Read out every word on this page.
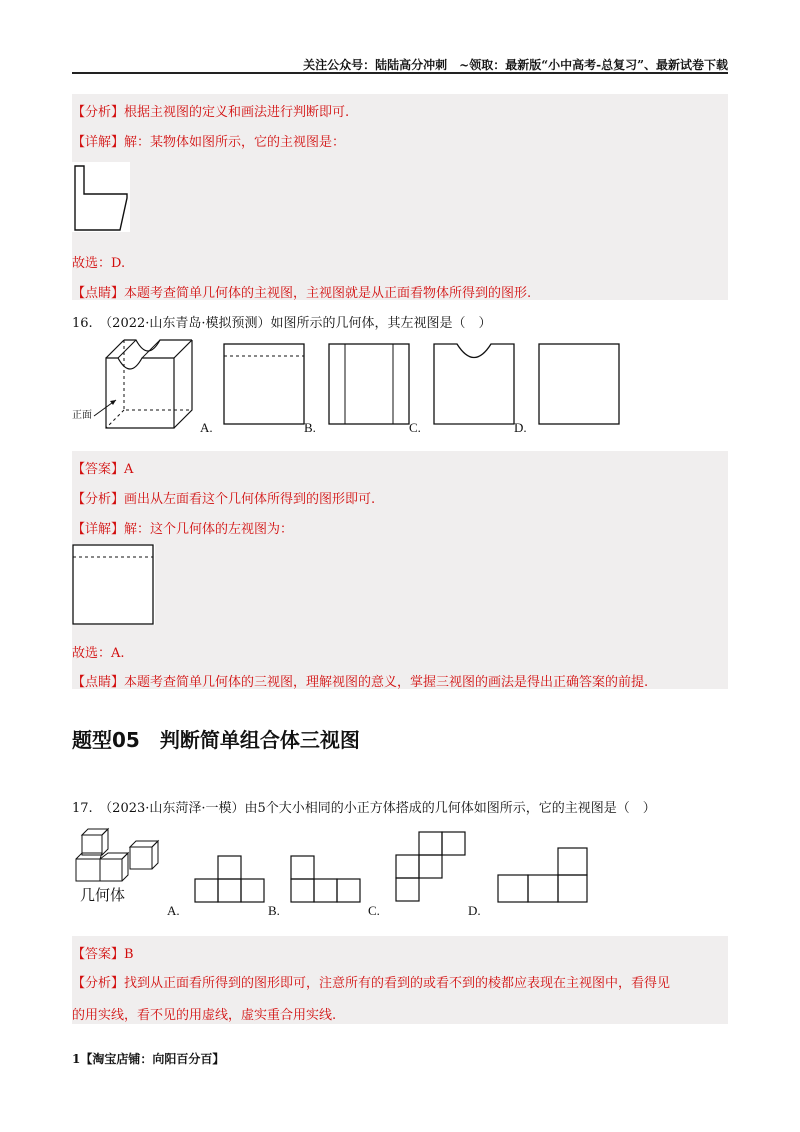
关注公众号：陆陆高分冲刺　~领取：最新版“小中高考-总复习”、最新试卷下载
【分析】根据主视图的定义和画法进行判断即可.
【详解】解：某物体如图所示，它的主视图是：
故选：D.
【点睛】本题考查简单几何体的主视图，主视图就是从正面看物体所得到的图形.
16.　（2022·山东青岛·模拟预测）如图所示的几何体，其左视图是（　）
正面
A.	B.	C.	D.
【答案】A
【分析】画出从左面看这个几何体所得到的图形即可.
【详解】解：这个几何体的左视图为：
故选：A.
【点睛】本题考查简单几何体的三视图，理解视图的意义，掌握三视图的画法是得出正确答案的前提.
题型05　判断简单组合体三视图
17.　（2023·山东菏泽·一模）由5个大小相同的小正方体搭成的几何体如图所示，它的主视图是（　）
几何体
A.	B.	C.	D.
【答案】B
【分析】找到从正面看所得到的图形即可，注意所有的看到的或看不到的棱都应表现在主视图中，看得见
的用实线，看不见的用虚线，虚实重合用实线.
1【淘宝店铺：向阳百分百】
